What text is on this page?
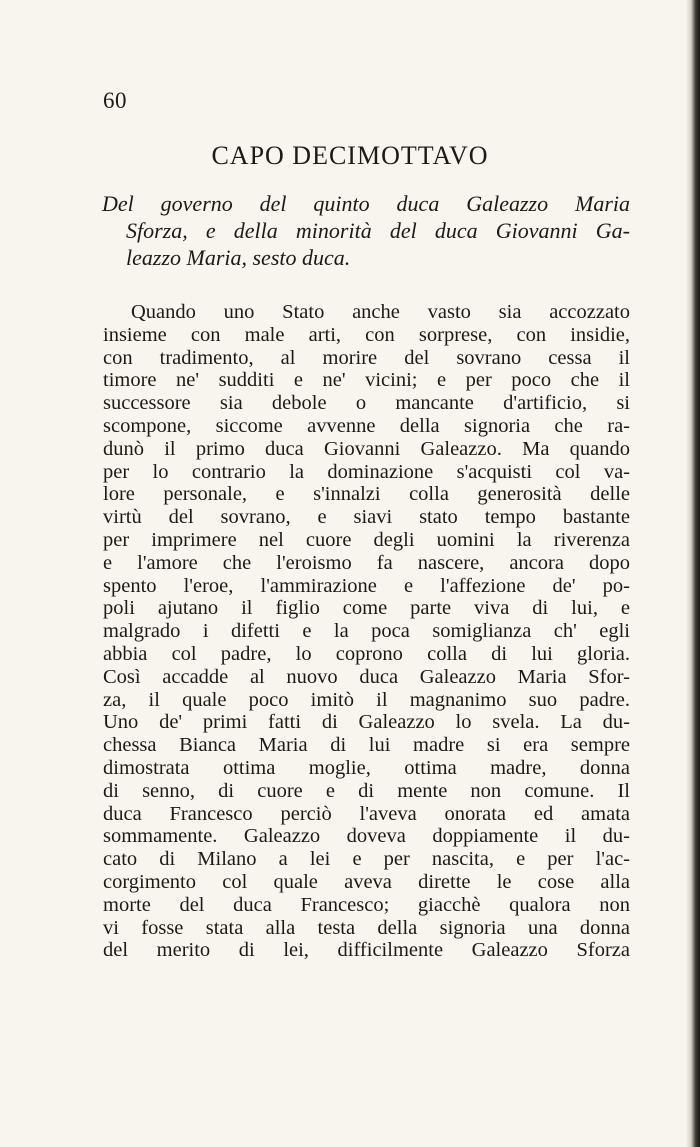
60
CAPO DECIMOTTAVO
Del governo del quinto duca Galeazzo Maria
Sforza, e della minorità del duca Giovanni Ga-
leazzo Maria, sesto duca.
Quando uno Stato anche vasto sia accozzato
insieme con male arti, con sorprese, con insidie,
con tradimento, al morire del sovrano cessa il
timore ne' sudditi e ne' vicini; e per poco che il
successore sia debole o mancante d'artificio, si
scompone, siccome avvenne della signoria che ra-
dunò il primo duca Giovanni Galeazzo. Ma quando
per lo contrario la dominazione s'acquisti col va-
lore personale, e s'innalzi colla generosità delle
virtù del sovrano, e siavi stato tempo bastante
per imprimere nel cuore degli uomini la riverenza
e l'amore che l'eroismo fa nascere, ancora dopo
spento l'eroe, l'ammirazione e l'affezione de' po-
poli ajutano il figlio come parte viva di lui, e
malgrado i difetti e la poca somiglianza ch' egli
abbia col padre, lo coprono colla di lui gloria.
Così accadde al nuovo duca Galeazzo Maria Sfor-
za, il quale poco imitò il magnanimo suo padre.
Uno de' primi fatti di Galeazzo lo svela. La du-
chessa Bianca Maria di lui madre si era sempre
dimostrata ottima moglie, ottima madre, donna
di senno, di cuore e di mente non comune. Il
duca Francesco perciò l'aveva onorata ed amata
sommamente. Galeazzo doveva doppiamente il du-
cato di Milano a lei e per nascita, e per l'ac-
corgimento col quale aveva dirette le cose alla
morte del duca Francesco; giacchè qualora non
vi fosse stata alla testa della signoria una donna
del merito di lei, difficilmente Galeazzo Sforza
